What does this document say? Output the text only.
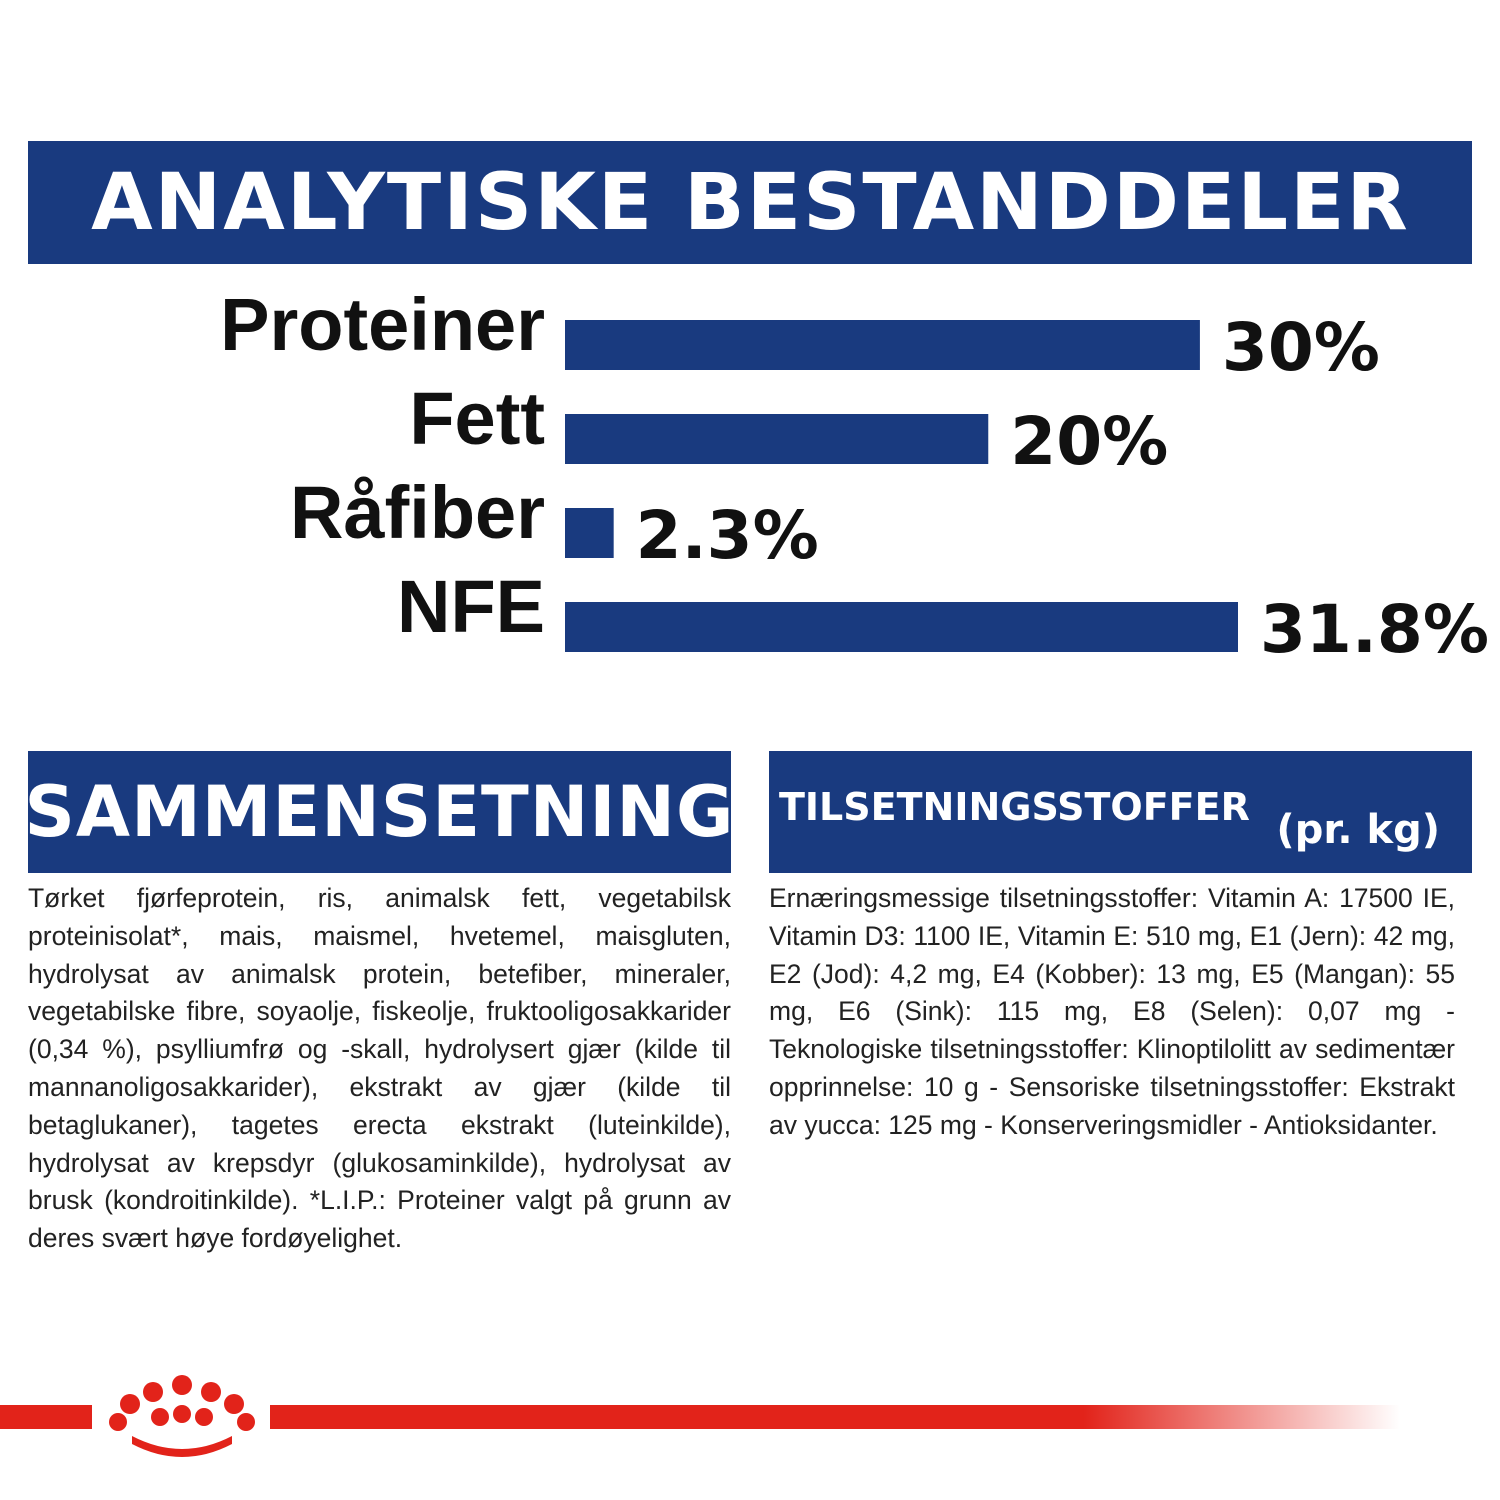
ANALYTISKE BESTANDDELER
Proteiner	30%
Fett	20%
Råfiber 2.3%
NFE	31.8%
SAMMENSETNING TILSETNINGSSTOFFER (pr. kg)
Tørket fjørfeprotein, ris, animalsk fett, vegetabilsk proteinisolat*, mais, maismel, hvetemel, maisgluten, hydrolysat av animalsk protein, betefiber, mineraler, vegetabilske fibre, soyaolje, fiskeolje, fruktooligosakkarider (0,34 %), psylliumfrø og -skall, hydrolysert gjær (kilde til mannanoligosakkarider), ekstrakt av gjær (kilde til betaglukaner), tagetes erecta ekstrakt (luteinkilde), hydrolysat av krepsdyr (glukosaminkilde), hydrolysat av brusk (kondroitinkilde). *L.I.P.: Proteiner valgt på grunn av deres svært høye fordøyelighet.
Ernæringsmessige tilsetningsstoffer: Vitamin A: 17500 IE, Vitamin D3: 1100 IE, Vitamin E: 510 mg, E1 (Jern): 42 mg, E2 (Jod): 4,2 mg, E4 (Kobber): 13 mg, E5 (Mangan): 55 mg, E6 (Sink): 115 mg, E8 (Selen): 0,07 mg - Teknologiske tilsetningsstoffer: Klinoptilolitt av sedimentær opprinnelse: 10 g - Sensoriske tilsetningsstoffer: Ekstrakt av yucca: 125 mg - Konserveringsmidler - Antioksidanter.
